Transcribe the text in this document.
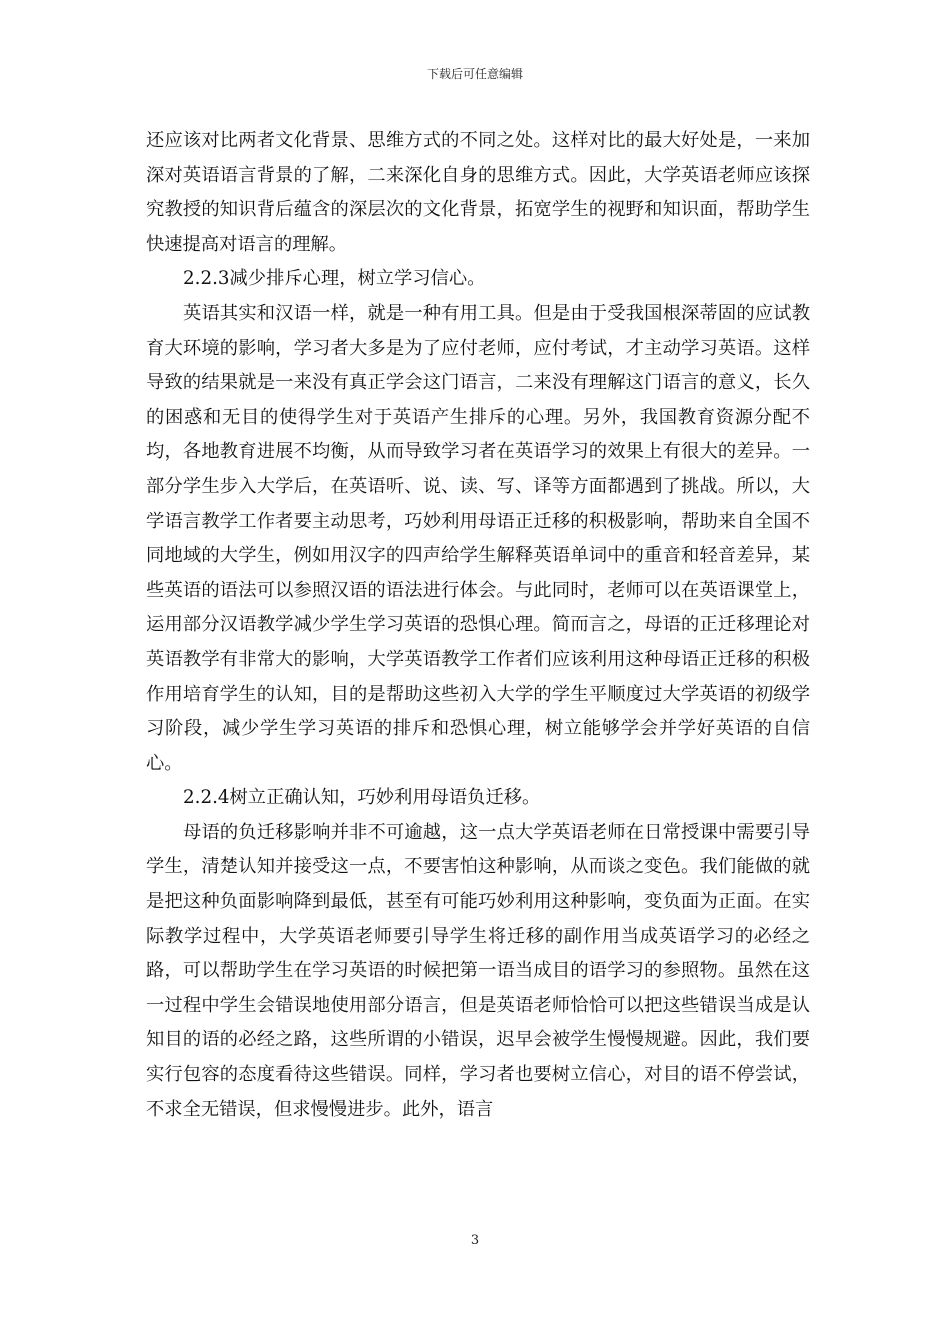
下载后可任意编辑

还应该对比两者文化背景、思维方式的不同之处。这样对比的最大好处是，一来加深对英语语言背景的了解，二来深化自身的思维方式。因此，大学英语老师应该探究教授的知识背后蕴含的深层次的文化背景，拓宽学生的视野和知识面，帮助学生快速提高对语言的理解。

2.2.3减少排斥心理，树立学习信心。

英语其实和汉语一样，就是一种有用工具。但是由于受我国根深蒂固的应试教育大环境的影响，学习者大多是为了应付老师，应付考试，才主动学习英语。这样导致的结果就是一来没有真正学会这门语言，二来没有理解这门语言的意义，长久的困惑和无目的使得学生对于英语产生排斥的心理。另外，我国教育资源分配不均，各地教育进展不均衡，从而导致学习者在英语学习的效果上有很大的差异。一部分学生步入大学后，在英语听、说、读、写、译等方面都遇到了挑战。所以，大学语言教学工作者要主动思考，巧妙利用母语正迁移的积极影响，帮助来自全国不同地域的大学生，例如用汉字的四声给学生解释英语单词中的重音和轻音差异，某些英语的语法可以参照汉语的语法进行体会。与此同时，老师可以在英语课堂上，运用部分汉语教学减少学生学习英语的恐惧心理。简而言之，母语的正迁移理论对英语教学有非常大的影响，大学英语教学工作者们应该利用这种母语正迁移的积极作用培育学生的认知，目的是帮助这些初入大学的学生平顺度过大学英语的初级学习阶段，减少学生学习英语的排斥和恐惧心理，树立能够学会并学好英语的自信心。

2.2.4树立正确认知，巧妙利用母语负迁移。

母语的负迁移影响并非不可逾越，这一点大学英语老师在日常授课中需要引导学生，清楚认知并接受这一点，不要害怕这种影响，从而谈之变色。我们能做的就是把这种负面影响降到最低，甚至有可能巧妙利用这种影响，变负面为正面。在实际教学过程中，大学英语老师要引导学生将迁移的副作用当成英语学习的必经之路，可以帮助学生在学习英语的时候把第一语当成目的语学习的参照物。虽然在这一过程中学生会错误地使用部分语言，但是英语老师恰恰可以把这些错误当成是认知目的语的必经之路，这些所谓的小错误，迟早会被学生慢慢规避。因此，我们要实行包容的态度看待这些错误。同样，学习者也要树立信心，对目的语不停尝试，不求全无错误，但求慢慢进步。此外，语言

3
